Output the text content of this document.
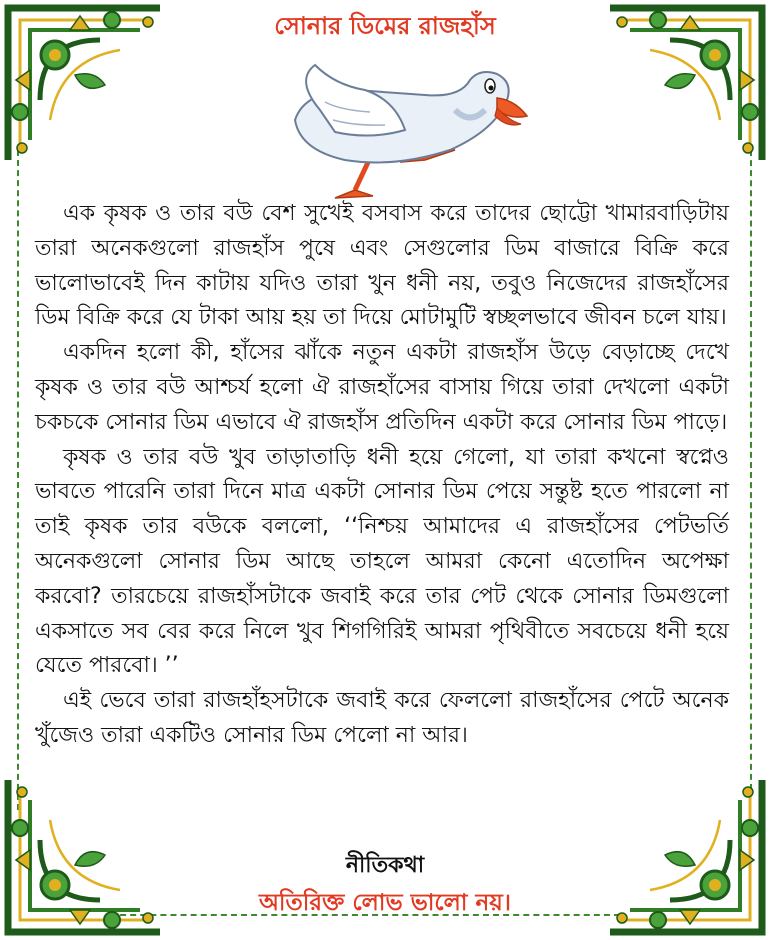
সোনার ডিমের রাজহাঁস

এক কৃষক ও তার বউ বেশ সুখেই বসবাস করে তাদের ছোট্টো খামারবাড়িটায় তারা অনেকগুলো রাজহাঁস পুষে এবং সেগুলোর ডিম বাজারে বিক্রি করে ভালোভাবেই দিন কাটায় যদিও তারা খুন ধনী নয়, তবুও নিজেদের রাজহাঁসের ডিম বিক্রি করে যে টাকা আয় হয় তা দিয়ে মোটামুটি স্বচ্ছলভাবে জীবন চলে যায়।

একদিন হলো কী, হাঁসের ঝাঁকে নতুন একটা রাজহাঁস উড়ে বেড়াচ্ছে দেখে কৃষক ও তার বউ আশ্চর্য হলো ঐ রাজহাঁসের বাসায় গিয়ে তারা দেখলো একটা চকচকে সোনার ডিম এভাবে ঐ রাজহাঁস প্রতিদিন একটা করে সোনার ডিম পাড়ে।

কৃষক ও তার বউ খুব তাড়াতাড়ি ধনী হয়ে গেলো, যা তারা কখনো স্বপ্নেও ভাবতে পারেনি তারা দিনে মাত্র একটা সোনার ডিম পেয়ে সন্তুষ্ট হতে পারলো না তাই কৃষক তার বউকে বললো, ‘‘নিশ্চয় আমাদের এ রাজহাঁসের পেটভর্তি অনেকগুলো সোনার ডিম আছে তাহলে আমরা কেনো এতোদিন অপেক্ষা করবো? তারচেয়ে রাজহাঁসটাকে জবাই করে তার পেট থেকে সোনার ডিমগুলো একসাতে সব বের করে নিলে খুব শিগগিরিই আমরা পৃথিবীতে সবচেয়ে ধনী হয়ে যেতে পারবো। ’’

এই ভেবে তারা রাজহাঁহসটাকে জবাই করে ফেললো রাজহাঁসের পেটে অনেক খুঁজেও তারা একটিও সোনার ডিম পেলো না আর।

নীতিকথা
অতিরিক্ত লোভ ভালো নয়।
